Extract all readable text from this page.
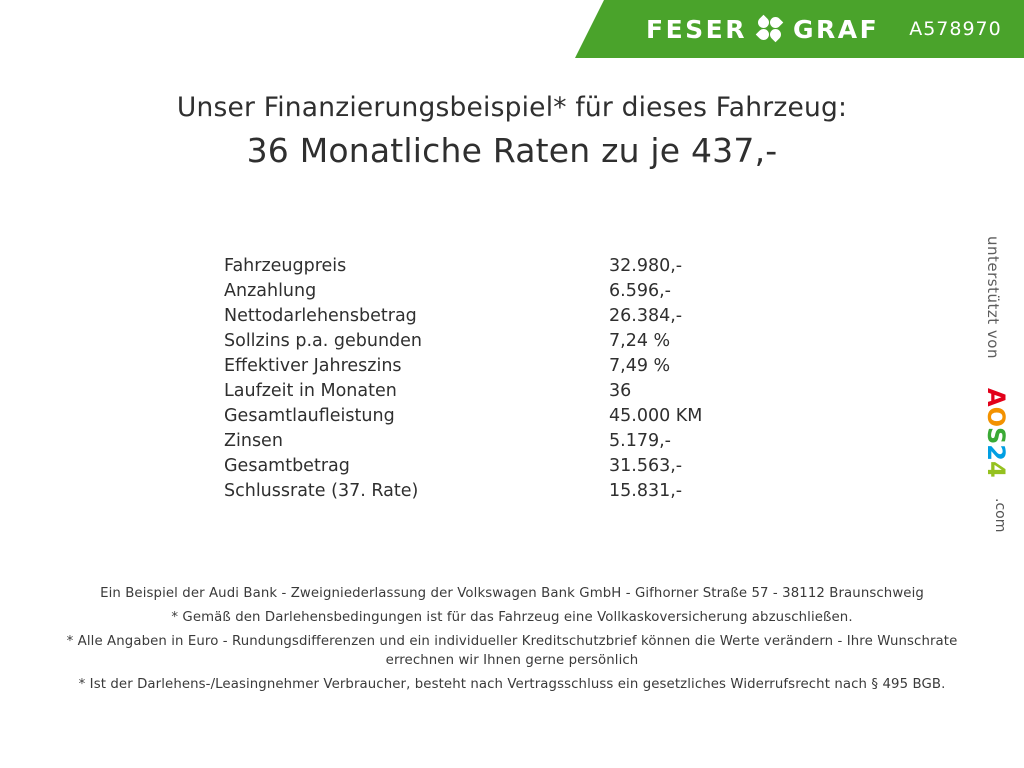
FESER GRAF A578970
Unser Finanzierungsbeispiel* für dieses Fahrzeug:
36 Monatliche Raten zu je 437,-
Fahrzeugpreis	32.980,-
Anzahlung	6.596,-
Nettodarlehensbetrag	26.384,-
Sollzins p.a. gebunden	7,24 %
Effektiver Jahreszins	7,49 %
Laufzeit in Monaten	36
Gesamtlaufleistung	45.000 KM
Zinsen	5.179,-
Gesamtbetrag	31.563,-
Schlussrate (37. Rate)	15.831,-
unterstützt von
AOS24
.com
Ein Beispiel der Audi Bank - Zweigniederlassung der Volkswagen Bank GmbH - Gifhorner Straße 57 - 38112 Braunschweig
* Gemäß den Darlehensbedingungen ist für das Fahrzeug eine Vollkaskoversicherung abzuschließen.
* Alle Angaben in Euro - Rundungsdifferenzen und ein individueller Kreditschutzbrief können die Werte verändern - Ihre Wunschrate errechnen wir Ihnen gerne persönlich
* Ist der Darlehens-/Leasingnehmer Verbraucher, besteht nach Vertragsschluss ein gesetzliches Widerrufsrecht nach § 495 BGB.
